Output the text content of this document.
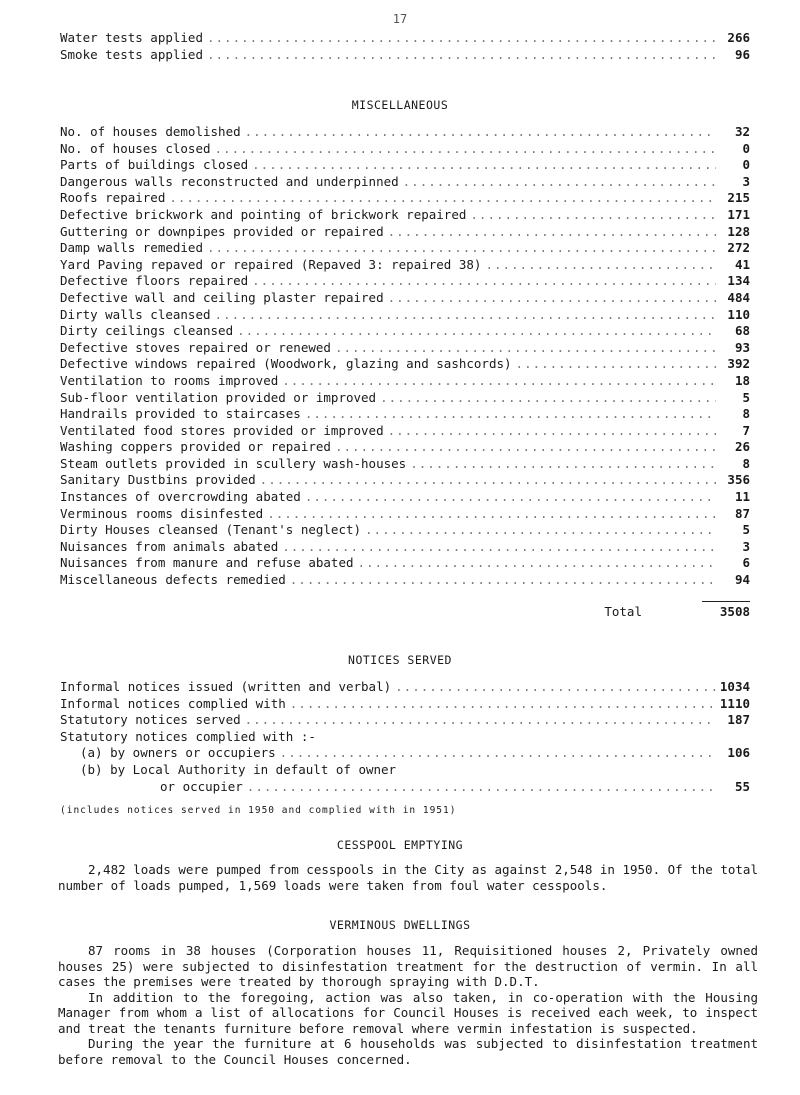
17
Water tests applied .....	266
Smoke tests applied .....	96
MISCELLANEOUS
No. of houses demolished .....	32
No. of houses closed .....	0
Parts of buildings closed .....	0
Dangerous walls reconstructed and underpinned .....	3
Roofs repaired .....	215
Defective brickwork and pointing of brickwork repaired .....	171
Guttering or downpipes provided or repaired .....	128
Damp walls remedied .....	272
Yard Paving repaved or repaired (Repaved 3: repaired 38) .....	41
Defective floors repaired .....	134
Defective wall and ceiling plaster repaired .....	484
Dirty walls cleansed .....	110
Dirty ceilings cleansed .....	68
Defective stoves repaired or renewed .....	93
Defective windows repaired (Woodwork, glazing and sashcords) .....	392
Ventilation to rooms improved .....	18
Sub-floor ventilation provided or improved .....	5
Handrails provided to staircases .....	8
Ventilated food stores provided or improved .....	7
Washing coppers provided or repaired .....	26
Steam outlets provided in scullery wash-houses .....	8
Sanitary Dustbins provided .....	356
Instances of overcrowding abated .....	11
Verminous rooms disinfested .....	87
Dirty Houses cleansed (Tenant's neglect) .....	5
Nuisances from animals abated .....	3
Nuisances from manure and refuse abated .....	6
Miscellaneous defects remedied .....	94
Total	3508
NOTICES SERVED
Informal notices issued (written and verbal) .....	1034
Informal notices complied with .....	1110
Statutory notices served .....	187
Statutory notices complied with :-
(a) by owners or occupiers .....	106
(b) by Local Authority in default of owner
or occupier .....	55
(includes notices served in 1950 and complied with in 1951)
CESSPOOL EMPTYING

2,482 loads were pumped from cesspools in the City as against 2,548 in 1950. Of the total number of loads pumped, 1,569 loads were taken from foul water cesspools.

VERMINOUS DWELLINGS

87 rooms in 38 houses (Corporation houses 11, Requisitioned houses 2, Privately owned houses 25) were subjected to disinfestation treatment for the destruction of vermin. In all cases the premises were treated by thorough spraying with D.D.T.

In addition to the foregoing, action was also taken, in co-operation with the Housing Manager from whom a list of allocations for Council Houses is received each week, to inspect and treat the tenants furniture before removal where vermin infestation is suspected.

During the year the furniture at 6 households was subjected to disinfestation treatment before removal to the Council Houses concerned.
